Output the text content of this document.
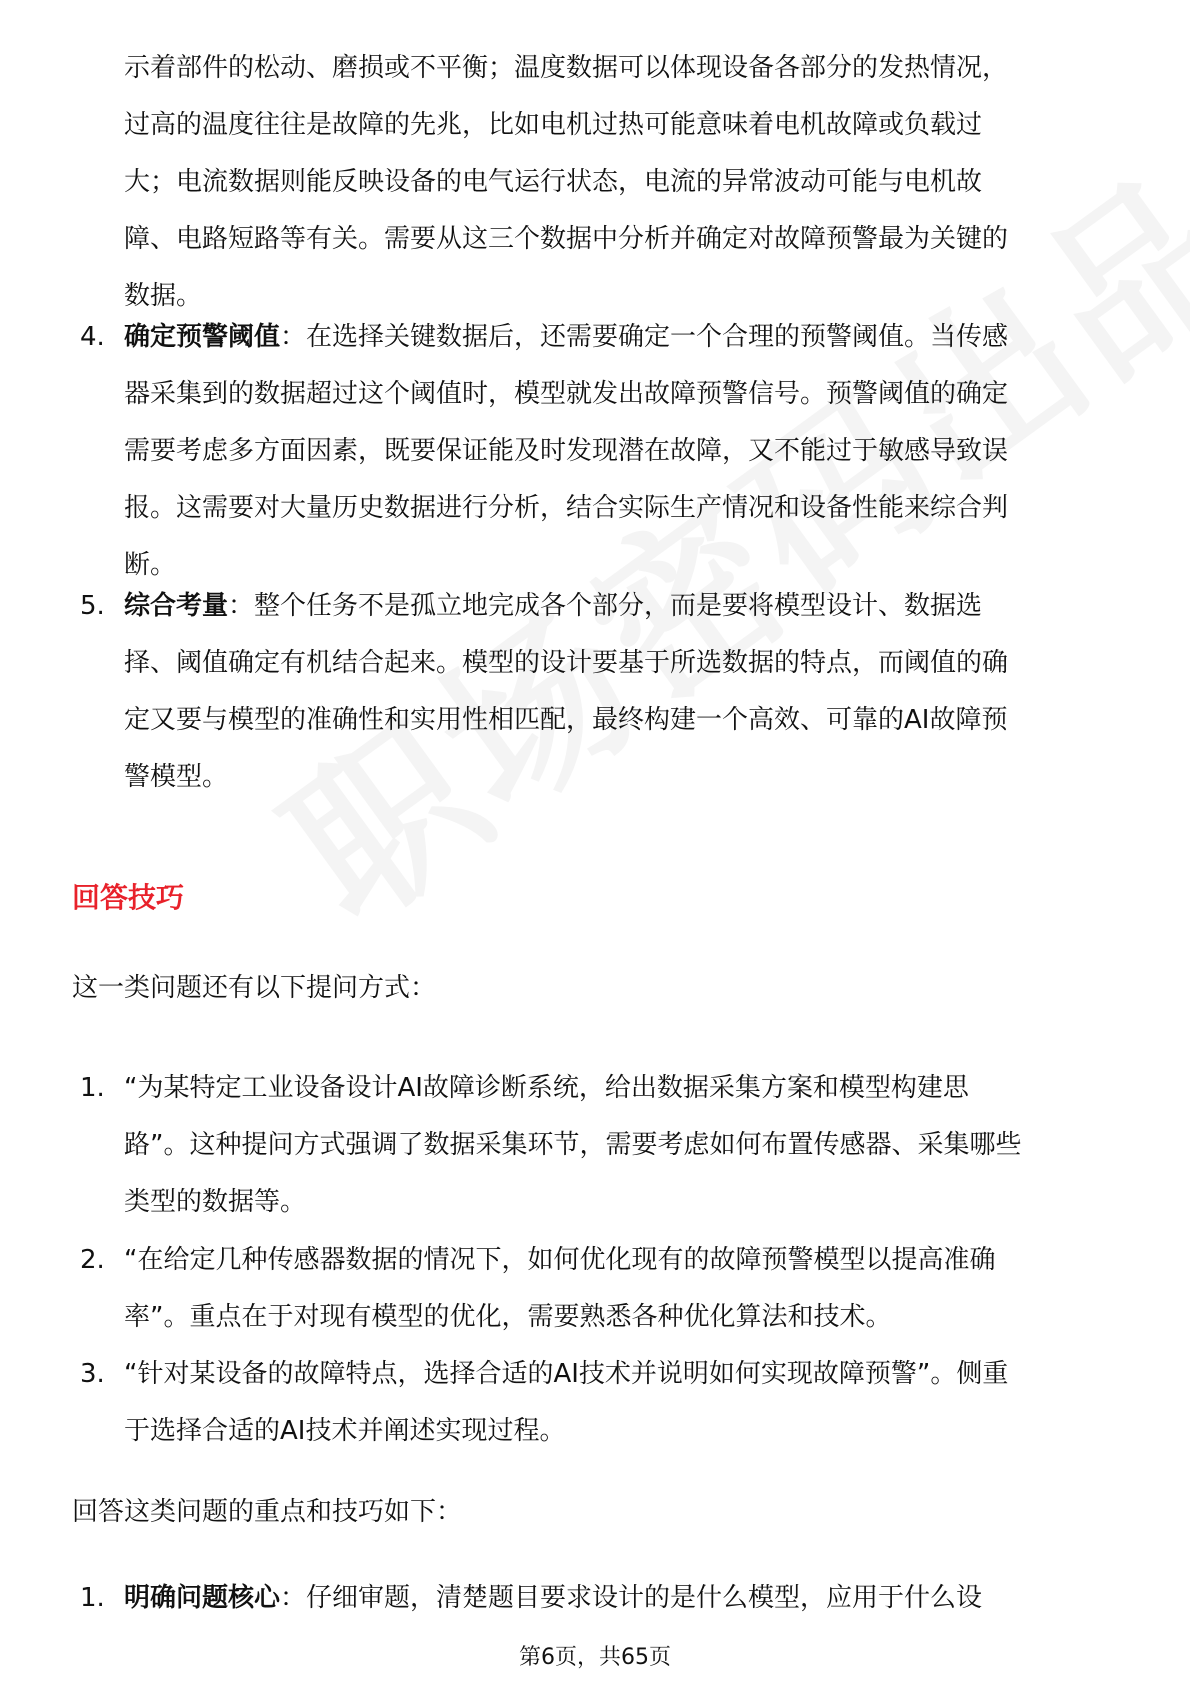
示着部件的松动、磨损或不平衡；温度数据可以体现设备各部分的发热情况，
过高的温度往往是故障的先兆，比如电机过热可能意味着电机故障或负载过
大；电流数据则能反映设备的电气运行状态，电流的异常波动可能与电机故
障、电路短路等有关。需要从这三个数据中分析并确定对故障预警最为关键的
数据。
4. 确定预警阈值：在选择关键数据后，还需要确定一个合理的预警阈值。当传感
器采集到的数据超过这个阈值时，模型就发出故障预警信号。预警阈值的确定
需要考虑多方面因素，既要保证能及时发现潜在故障，又不能过于敏感导致误
报。这需要对大量历史数据进行分析，结合实际生产情况和设备性能来综合判
断。
5. 综合考量：整个任务不是孤立地完成各个部分，而是要将模型设计、数据选
择、阈值确定有机结合起来。模型的设计要基于所选数据的特点，而阈值的确
定又要与模型的准确性和实用性相匹配，最终构建一个高效、可靠的AI故障预
警模型。
回答技巧
这一类问题还有以下提问方式：
1. “为某特定工业设备设计AI故障诊断系统，给出数据采集方案和模型构建思
路”。这种提问方式强调了数据采集环节，需要考虑如何布置传感器、采集哪些
类型的数据等。
2. “在给定几种传感器数据的情况下，如何优化现有的故障预警模型以提高准确
率”。重点在于对现有模型的优化，需要熟悉各种优化算法和技术。
3. “针对某设备的故障特点，选择合适的AI技术并说明如何实现故障预警”。侧重
于选择合适的AI技术并阐述实现过程。
回答这类问题的重点和技巧如下：
1. 明确问题核心：仔细审题，清楚题目要求设计的是什么模型，应用于什么设
第6页，共65页
